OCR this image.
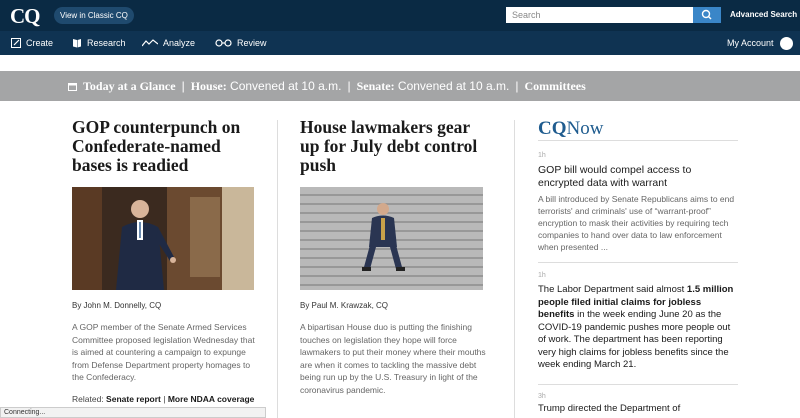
CQ	View in Classic CQ
Search	Advanced Search
Create	Research	Analyze	Review	My Account
Today at a Glance | House:
Convened at 10 a.m. | Senate:
Convened at 10 a.m. | Committees
GOP counterpunch on Confederate-named bases is readied
By John M. Donnelly, CQ
A GOP member of the Senate Armed Services Committee proposed legislation Wednesday that is aimed at countering a campaign to expunge from Defense Department property homages to the Confederacy.
Related: Senate report | More NDAA coverage
House lawmakers gear up for July debt control push
By Paul M. Krawzak, CQ
A bipartisan House duo is putting the finishing touches on legislation they hope will force lawmakers to put their money where their mouths are when it comes to tackling the massive debt being run up by the U.S. Treasury in light of the coronavirus pandemic.
CQNow
1h
GOP bill would compel access to encrypted data with warrant
A bill introduced by Senate Republicans aims to end terrorists' and criminals' use of “warrant-proof” encryption to mask their activities by requiring tech companies to hand over data to law enforcement when presented ...
1h
The Labor Department said almost 1.5 million people filed initial claims for jobless benefits in the week ending June 20 as the COVID-19 pandemic pushes more people out of work. The department has been reporting very high claims for jobless benefits since the week ending March 21.
3h
Trump directed the Department of
Connecting...
